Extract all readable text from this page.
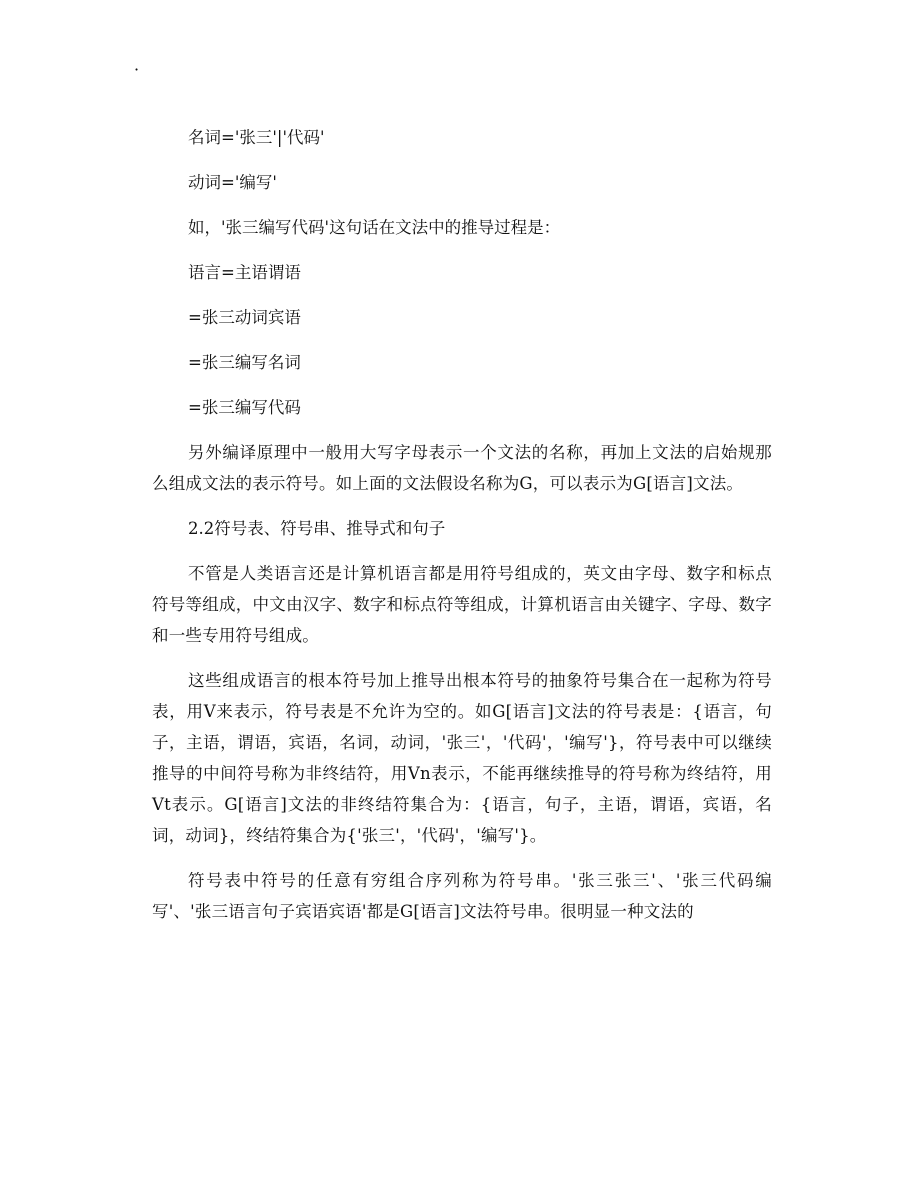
·

名词='张三'|'代码'

动词='编写'

如，'张三编写代码'这句话在文法中的推导过程是：

语言=主语谓语

=张三动词宾语

=张三编写名词

=张三编写代码

另外编译原理中一般用大写字母表示一个文法的名称，再加上文法的启始规那么组成文法的表示符号。如上面的文法假设名称为G，可以表示为G[语言]文法。

2.2符号表、符号串、推导式和句子

不管是人类语言还是计算机语言都是用符号组成的，英文由字母、数字和标点符号等组成，中文由汉字、数字和标点符等组成，计算机语言由关键字、字母、数字和一些专用符号组成。

这些组成语言的根本符号加上推导出根本符号的抽象符号集合在一起称为符号表，用V来表示，符号表是不允许为空的。如G[语言]文法的符号表是：{语言，句子，主语，谓语，宾语，名词，动词，'张三'，'代码'，'编写'}，符号表中可以继续推导的中间符号称为非终结符，用Vn表示，不能再继续推导的符号称为终结符，用Vt表示。G[语言]文法的非终结符集合为：{语言，句子，主语，谓语，宾语，名词，动词}，终结符集合为{'张三'，'代码'，'编写'}。

符号表中符号的任意有穷组合序列称为符号串。'张三张三'、'张三代码编写'、'张三语言句子宾语宾语'都是G[语言]文法符号串。很明显一种文法的
